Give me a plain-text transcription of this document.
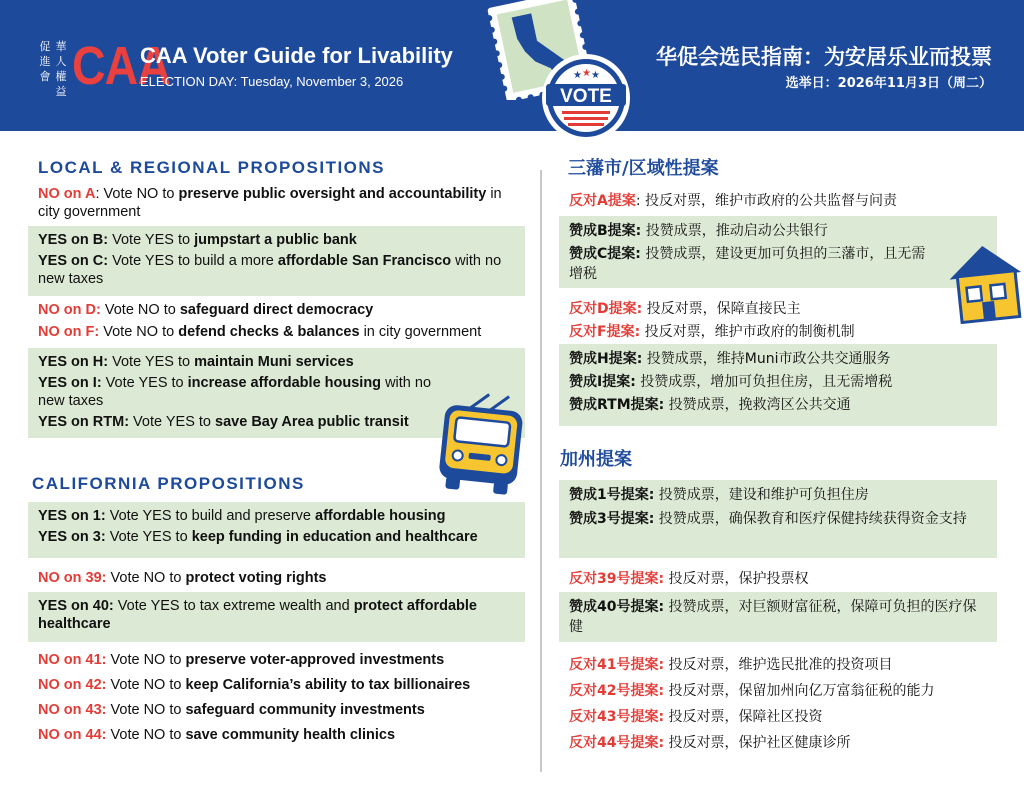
促 華
進 人
會 權
益 CAA
CAA Voter Guide for Livability
ELECTION DAY: Tuesday, November 3, 2026
华促会选民指南：为安居乐业而投票
选举日：2026年11月3日（周二）
★ ★ ★
VOTE
LOCAL & REGIONAL PROPOSITIONS
NO on A: Vote NO to preserve public oversight and accountability in city government
YES on B: Vote YES to jumpstart a public bank
YES on C: Vote YES to build a more affordable San Francisco with no new taxes
NO on D: Vote NO to safeguard direct democracy
NO on F: Vote NO to defend checks & balances in city government
YES on H: Vote YES to maintain Muni services
YES on I: Vote YES to increase affordable housing with no new taxes
YES on RTM: Vote YES to save Bay Area public transit
CALIFORNIA PROPOSITIONS
YES on 1: Vote YES to build and preserve affordable housing
YES on 3: Vote YES to keep funding in education and healthcare
NO on 39: Vote NO to protect voting rights
YES on 40: Vote YES to tax extreme wealth and protect affordable healthcare
NO on 41: Vote NO to preserve voter-approved investments
NO on 42: Vote NO to keep California’s ability to tax billionaires
NO on 43: Vote NO to safeguard community investments
NO on 44: Vote NO to save community health clinics
三藩市/区域性提案
反对A提案: 投反对票，维护市政府的公共监督与问责
赞成B提案: 投赞成票，推动启动公共银行
赞成C提案: 投赞成票，建设更加可负担的三藩市，且无需增税
反对D提案: 投反对票，保障直接民主
反对F提案: 投反对票，维护市政府的制衡机制
赞成H提案: 投赞成票，维持Muni市政公共交通服务
赞成I提案: 投赞成票，增加可负担住房，且无需增税
赞成RTM提案: 投赞成票，挽救湾区公共交通
加州提案
赞成1号提案: 投赞成票，建设和维护可负担住房
赞成3号提案: 投赞成票，确保教育和医疗保健持续获得资金支持
反对39号提案: 投反对票，保护投票权
赞成40号提案: 投赞成票，对巨额财富征税，保障可负担的医疗保健
反对41号提案: 投反对票，维护选民批准的投资项目
反对42号提案: 投反对票，保留加州向亿万富翁征税的能力
反对43号提案: 投反对票，保障社区投资
反对44号提案: 投反对票，保护社区健康诊所
